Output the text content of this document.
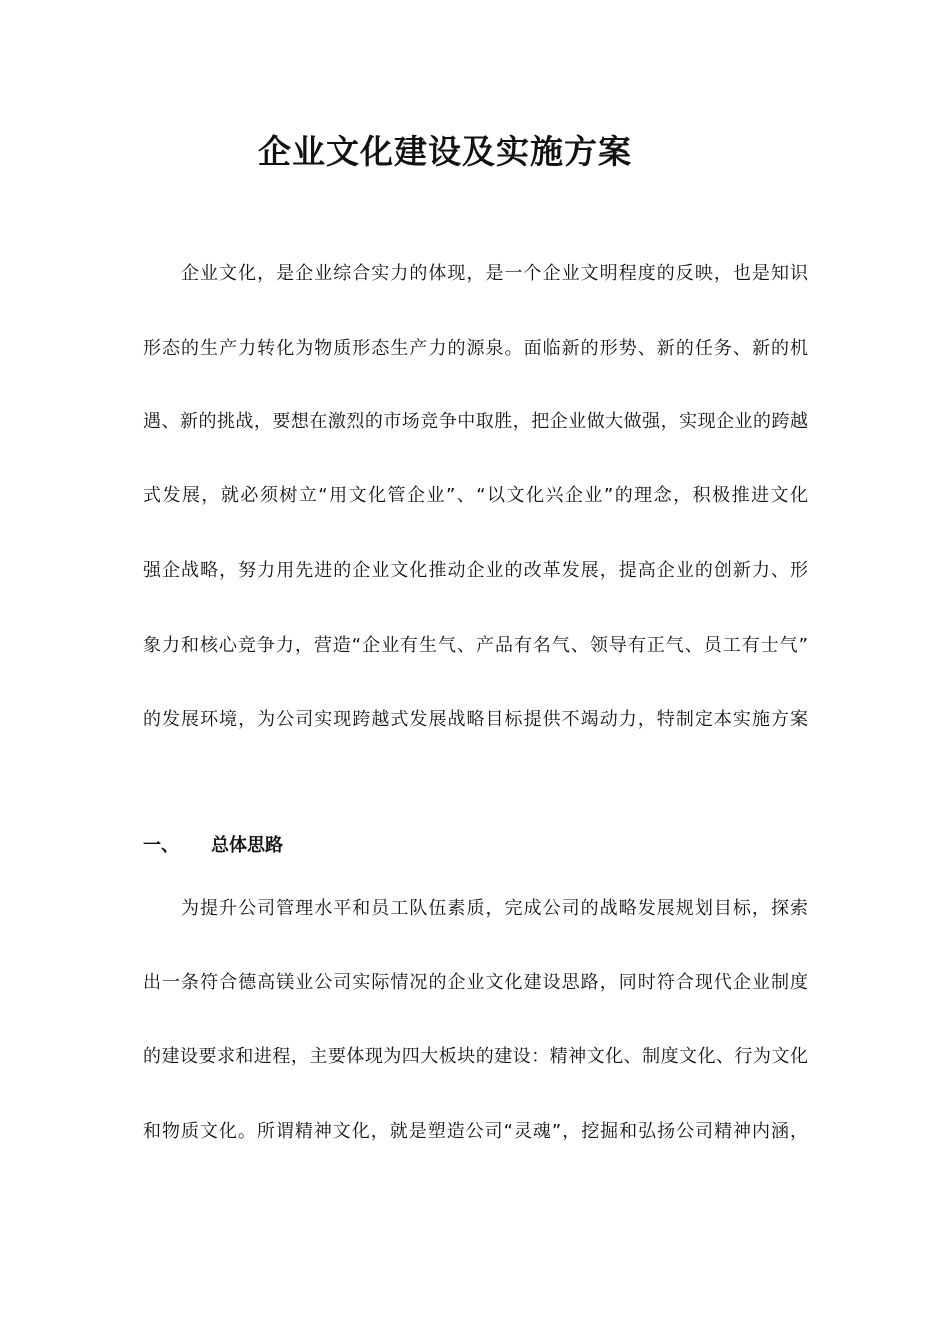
企业文化建设及实施方案

企业文化，是企业综合实力的体现，是一个企业文明程度的反映，也是知识

形态的生产力转化为物质形态生产力的源泉。面临新的形势、新的任务、新的机

遇、新的挑战，要想在激烈的市场竞争中取胜，把企业做大做强，实现企业的跨越

式发展，就必须树立“用文化管企业”、“以文化兴企业”的理念，积极推进文化

强企战略，努力用先进的企业文化推动企业的改革发展，提高企业的创新力、形

象力和核心竞争力，营造“企业有生气、产品有名气、领导有正气、员工有士气”

的发展环境，为公司实现跨越式发展战略目标提供不竭动力，特制定本实施方案

一、 总体思路

为提升公司管理水平和员工队伍素质，完成公司的战略发展规划目标，探索

出一条符合德高镁业公司实际情况的企业文化建设思路，同时符合现代企业制度

的建设要求和进程，主要体现为四大板块的建设：精神文化、制度文化、行为文化

和物质文化。所谓精神文化，就是塑造公司“灵魂”，挖掘和弘扬公司精神内涵，
